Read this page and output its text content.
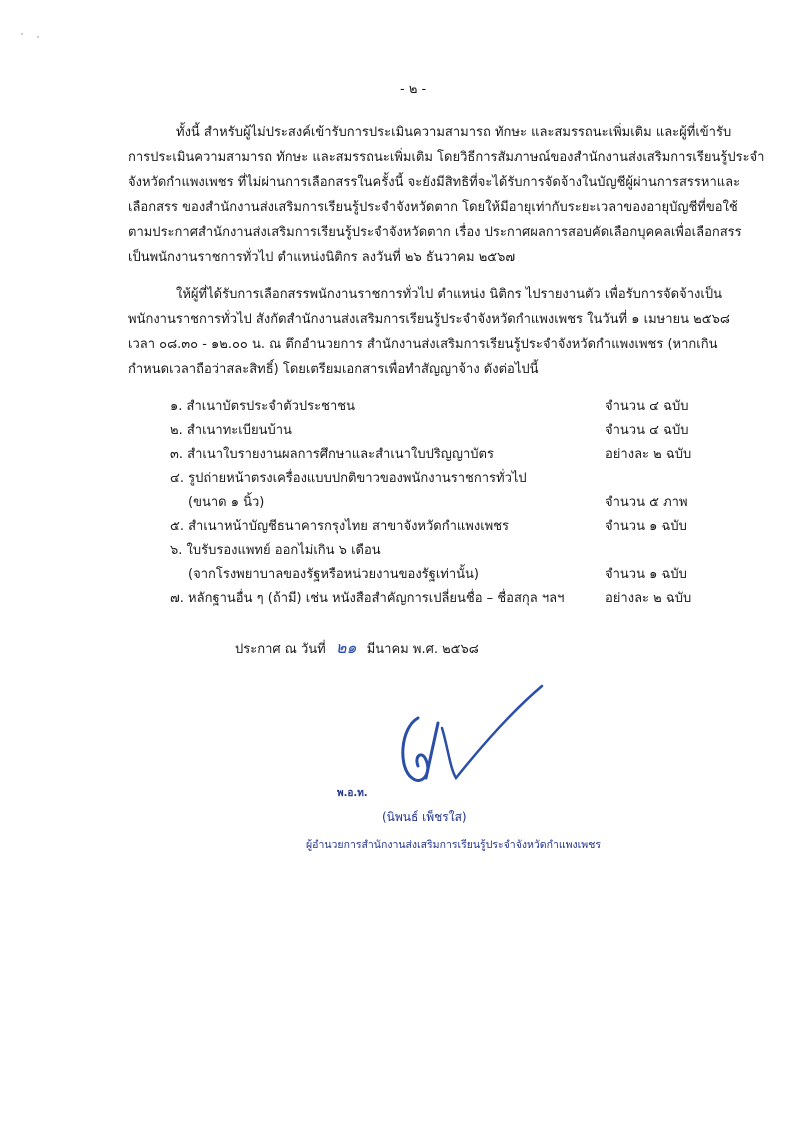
- ๒ -
ทั้งนี้ สำหรับผู้ไม่ประสงค์เข้ารับการประเมินความสามารถ ทักษะ และสมรรถนะเพิ่มเติม และผู้ที่เข้ารับ
การประเมินความสามารถ ทักษะ และสมรรถนะเพิ่มเติม โดยวิธีการสัมภาษณ์ของสำนักงานส่งเสริมการเรียนรู้ประจำ
จังหวัดกำแพงเพชร ที่ไม่ผ่านการเลือกสรรในครั้งนี้ จะยังมีสิทธิที่จะได้รับการจัดจ้างในบัญชีผู้ผ่านการสรรหาและ
เลือกสรร ของสำนักงานส่งเสริมการเรียนรู้ประจำจังหวัดตาก โดยให้มีอายุเท่ากับระยะเวลาของอายุบัญชีที่ขอใช้
ตามประกาศสำนักงานส่งเสริมการเรียนรู้ประจำจังหวัดตาก เรื่อง ประกาศผลการสอบคัดเลือกบุคคลเพื่อเลือกสรร
เป็นพนักงานราชการทั่วไป ตำแหน่งนิติกร ลงวันที่ ๒๖ ธันวาคม ๒๕๖๗
ให้ผู้ที่ได้รับการเลือกสรรพนักงานราชการทั่วไป ตำแหน่ง นิติกร ไปรายงานตัว เพื่อรับการจัดจ้างเป็น
พนักงานราชการทั่วไป สังกัดสำนักงานส่งเสริมการเรียนรู้ประจำจังหวัดกำแพงเพชร ในวันที่ ๑ เมษายน ๒๕๖๘
เวลา ๐๘.๓๐ - ๑๒.๐๐ น. ณ ตึกอำนวยการ สำนักงานส่งเสริมการเรียนรู้ประจำจังหวัดกำแพงเพชร (หากเกิน
กำหนดเวลาถือว่าสละสิทธิ์) โดยเตรียมเอกสารเพื่อทำสัญญาจ้าง ดังต่อไปนี้
๑. สำเนาบัตรประจำตัวประชาชน	จำนวน ๔ ฉบับ
๒. สำเนาทะเบียนบ้าน	จำนวน ๔ ฉบับ
๓. สำเนาใบรายงานผลการศึกษาและสำเนาใบปริญญาบัตร	อย่างละ ๒ ฉบับ
๔. รูปถ่ายหน้าตรงเครื่องแบบปกติขาวของพนักงานราชการทั่วไป
(ขนาด ๑ นิ้ว)	จำนวน ๕ ภาพ
๕. สำเนาหน้าบัญชีธนาคารกรุงไทย สาขาจังหวัดกำแพงเพชร	จำนวน ๑ ฉบับ
๖. ใบรับรองแพทย์ ออกไม่เกิน ๖ เดือน
(จากโรงพยาบาลของรัฐหรือหน่วยงานของรัฐเท่านั้น)	จำนวน ๑ ฉบับ
๗. หลักฐานอื่น ๆ (ถ้ามี) เช่น หนังสือสำคัญการเปลี่ยนชื่อ – ชื่อสกุล ฯลฯ	อย่างละ ๒ ฉบับ
ประกาศ ณ วันที่ ๒๑ มีนาคม พ.ศ. ๒๕๖๘
พ.อ.ท.
(นิพนธ์ เพ็ชรใส)
ผู้อำนวยการสำนักงานส่งเสริมการเรียนรู้ประจำจังหวัดกำแพงเพชร
